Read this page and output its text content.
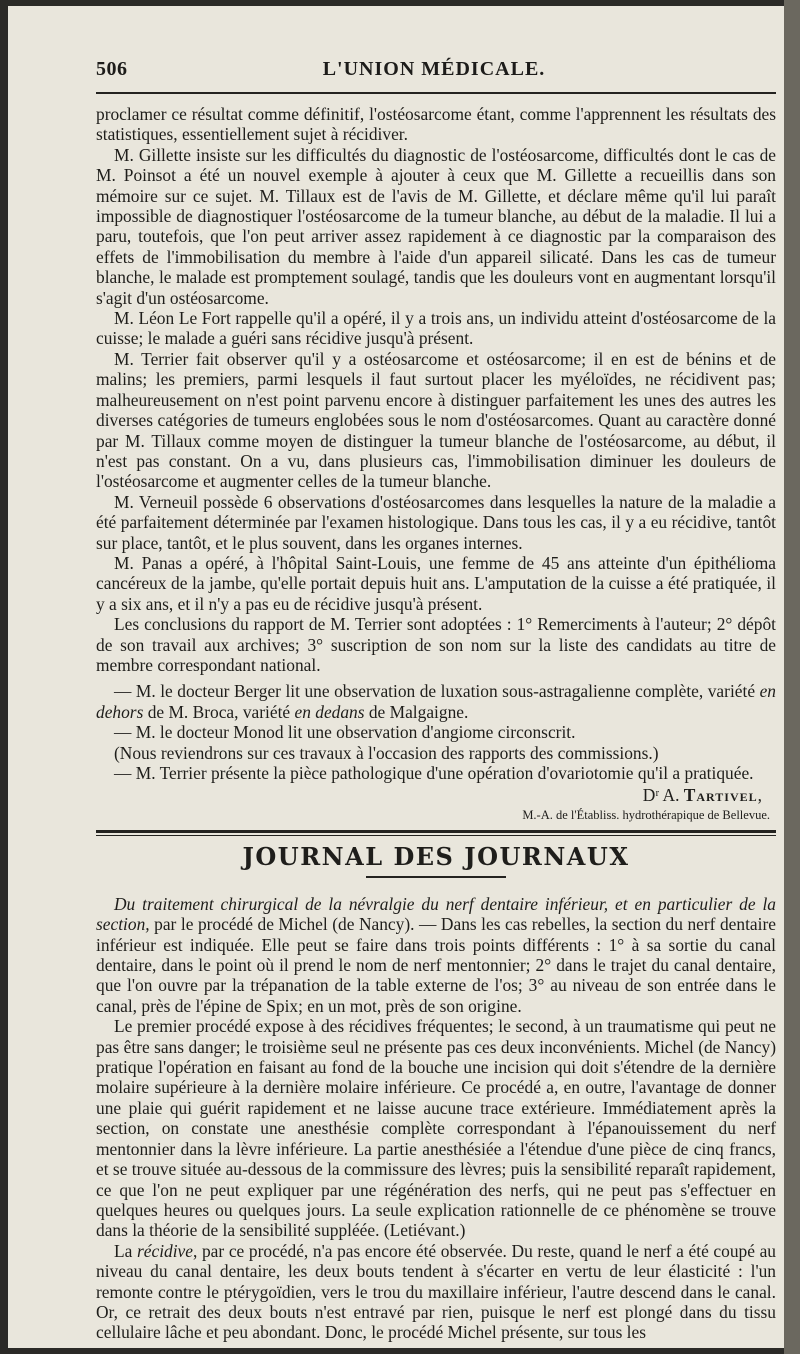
506	L'UNION MÉDICALE.

proclamer ce résultat comme définitif, l'ostéosarcome étant, comme l'apprennent les résultats des statistiques, essentiellement sujet à récidiver.

M. Gillette insiste sur les difficultés du diagnostic de l'ostéosarcome, difficultés dont le cas de M. Poinsot a été un nouvel exemple à ajouter à ceux que M. Gillette a recueillis dans son mémoire sur ce sujet. M. Tillaux est de l'avis de M. Gillette, et déclare même qu'il lui paraît impossible de diagnostiquer l'ostéosarcome de la tumeur blanche, au début de la maladie. Il lui a paru, toutefois, que l'on peut arriver assez rapidement à ce diagnostic par la comparaison des effets de l'immobilisation du membre à l'aide d'un appareil silicaté. Dans les cas de tumeur blanche, le malade est promptement soulagé, tandis que les douleurs vont en augmentant lorsqu'il s'agit d'un ostéosarcome.

M. Léon Le Fort rappelle qu'il a opéré, il y a trois ans, un individu atteint d'ostéosarcome de la cuisse; le malade a guéri sans récidive jusqu'à présent.

M. Terrier fait observer qu'il y a ostéosarcome et ostéosarcome; il en est de bénins et de malins; les premiers, parmi lesquels il faut surtout placer les myéloïdes, ne récidivent pas; malheureusement on n'est point parvenu encore à distinguer parfaitement les unes des autres les diverses catégories de tumeurs englobées sous le nom d'ostéosarcomes. Quant au caractère donné par M. Tillaux comme moyen de distinguer la tumeur blanche de l'ostéosarcome, au début, il n'est pas constant. On a vu, dans plusieurs cas, l'immobilisation diminuer les douleurs de l'ostéosarcome et augmenter celles de la tumeur blanche.

M. Verneuil possède 6 observations d'ostéosarcomes dans lesquelles la nature de la maladie a été parfaitement déterminée par l'examen histologique. Dans tous les cas, il y a eu récidive, tantôt sur place, tantôt, et le plus souvent, dans les organes internes.

M. Panas a opéré, à l'hôpital Saint-Louis, une femme de 45 ans atteinte d'un épithélioma cancéreux de la jambe, qu'elle portait depuis huit ans. L'amputation de la cuisse a été pratiquée, il y a six ans, et il n'y a pas eu de récidive jusqu'à présent.

Les conclusions du rapport de M. Terrier sont adoptées : 1° Remerciments à l'auteur; 2° dépôt de son travail aux archives; 3° suscription de son nom sur la liste des candidats au titre de membre correspondant national.

— M. le docteur Berger lit une observation de luxation sous-astragalienne complète, variété en dehors de M. Broca, variété en dedans de Malgaigne.

— M. le docteur Monod lit une observation d'angiome circonscrit.

(Nous reviendrons sur ces travaux à l'occasion des rapports des commissions.)

— M. Terrier présente la pièce pathologique d'une opération d'ovariotomie qu'il a pratiquée.

Dʳ A. Tartivel,
M.-A. de l'Établiss. hydrothérapique de Bellevue.
JOURNAL DES JOURNAUX

Du traitement chirurgical de la névralgie du nerf dentaire inférieur, et en particulier de la section, par le procédé de Michel (de Nancy). — Dans les cas rebelles, la section du nerf dentaire inférieur est indiquée. Elle peut se faire dans trois points différents : 1° à sa sortie du canal dentaire, dans le point où il prend le nom de nerf mentonnier; 2° dans le trajet du canal dentaire, que l'on ouvre par la trépanation de la table externe de l'os; 3° au niveau de son entrée dans le canal, près de l'épine de Spix; en un mot, près de son origine.

Le premier procédé expose à des récidives fréquentes; le second, à un traumatisme qui peut ne pas être sans danger; le troisième seul ne présente pas ces deux inconvénients. Michel (de Nancy) pratique l'opération en faisant au fond de la bouche une incision qui doit s'étendre de la dernière molaire supérieure à la dernière molaire inférieure. Ce procédé a, en outre, l'avantage de donner une plaie qui guérit rapidement et ne laisse aucune trace extérieure. Immédiatement après la section, on constate une anesthésie complète correspondant à l'épanouissement du nerf mentonnier dans la lèvre inférieure. La partie anesthésiée a l'étendue d'une pièce de cinq francs, et se trouve située au-dessous de la commissure des lèvres; puis la sensibilité reparaît rapidement, ce que l'on ne peut expliquer par une régénération des nerfs, qui ne peut pas s'effectuer en quelques heures ou quelques jours. La seule explication rationnelle de ce phénomène se trouve dans la théorie de la sensibilité suppléée. (Letiévant.)

La récidive, par ce procédé, n'a pas encore été observée. Du reste, quand le nerf a été coupé au niveau du canal dentaire, les deux bouts tendent à s'écarter en vertu de leur élasticité : l'un remonte contre le ptérygoïdien, vers le trou du maxillaire inférieur, l'autre descend dans le canal. Or, ce retrait des deux bouts n'est entravé par rien, puisque le nerf est plongé dans du tissu cellulaire lâche et peu abondant. Donc, le procédé Michel présente, sur tous les
